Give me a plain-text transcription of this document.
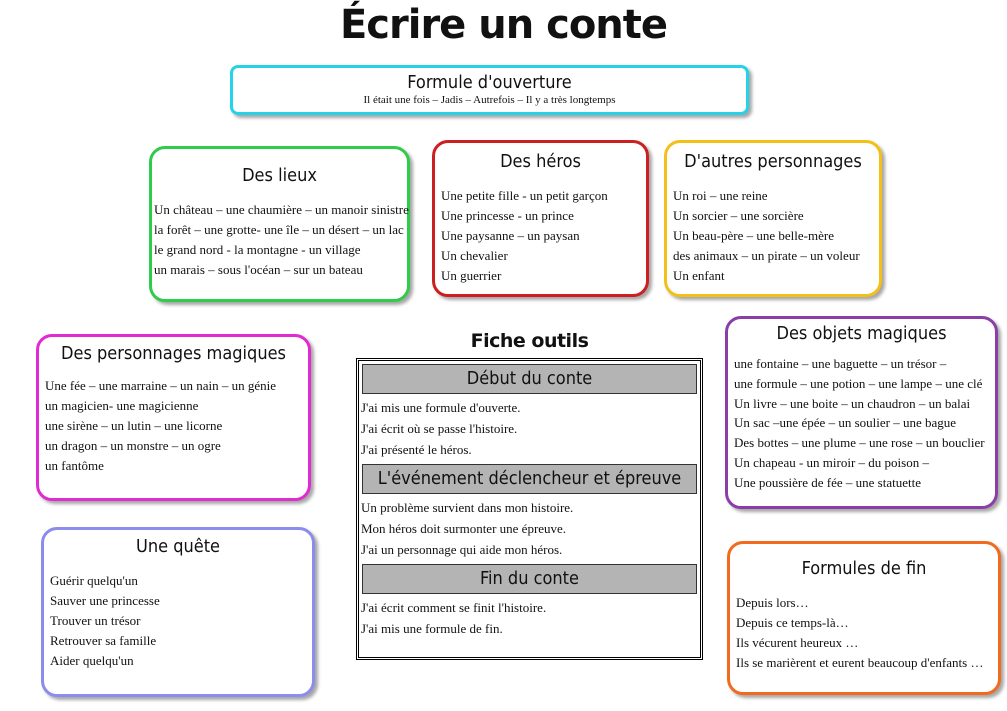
Écrire un conte
Formule d'ouverture
Il était une fois – Jadis – Autrefois – Il y a très longtemps
Des lieux
Un château – une chaumière – un manoir sinistre
la forêt – une grotte- une île – un désert – un lac
le grand nord - la montagne - un village
un marais – sous l'océan – sur un bateau
Des héros
Une petite fille - un petit garçon
Une princesse - un prince
Une paysanne – un paysan
Un chevalier
Un guerrier
D'autres personnages
Un roi – une reine
Un sorcier – une sorcière
Un beau-père – une belle-mère
des animaux – un pirate – un voleur
Un enfant
Des personnages magiques
Une fée – une marraine – un nain – un génie
un magicien- une magicienne
une sirène – un lutin – une licorne
un dragon – un monstre – un ogre
un fantôme
Fiche outils
Début du conte
J'ai mis une formule d'ouverte.
J'ai écrit où se passe l'histoire.
J'ai présenté le héros.
L'événement déclencheur et épreuve
Un problème survient dans mon histoire.
Mon héros doit surmonter une épreuve.
J'ai un personnage qui aide mon héros.
Fin du conte
J'ai écrit comment se finit l'histoire.
J'ai mis une formule de fin.
Des objets magiques
une fontaine – une baguette – un trésor –
une formule – une potion – une lampe – une clé
Un livre – une boite – un chaudron – un balai
Un sac –une épée – un soulier – une bague
Des bottes – une plume – une rose – un bouclier
Un chapeau - un miroir – du poison –
Une poussière de fée – une statuette
Une quête
Guérir quelqu'un
Sauver une princesse
Trouver un trésor
Retrouver sa famille
Aider quelqu'un
Formules de fin
Depuis lors…
Depuis ce temps-là…
Ils vécurent heureux …
Ils se marièrent et eurent beaucoup d'enfants …
